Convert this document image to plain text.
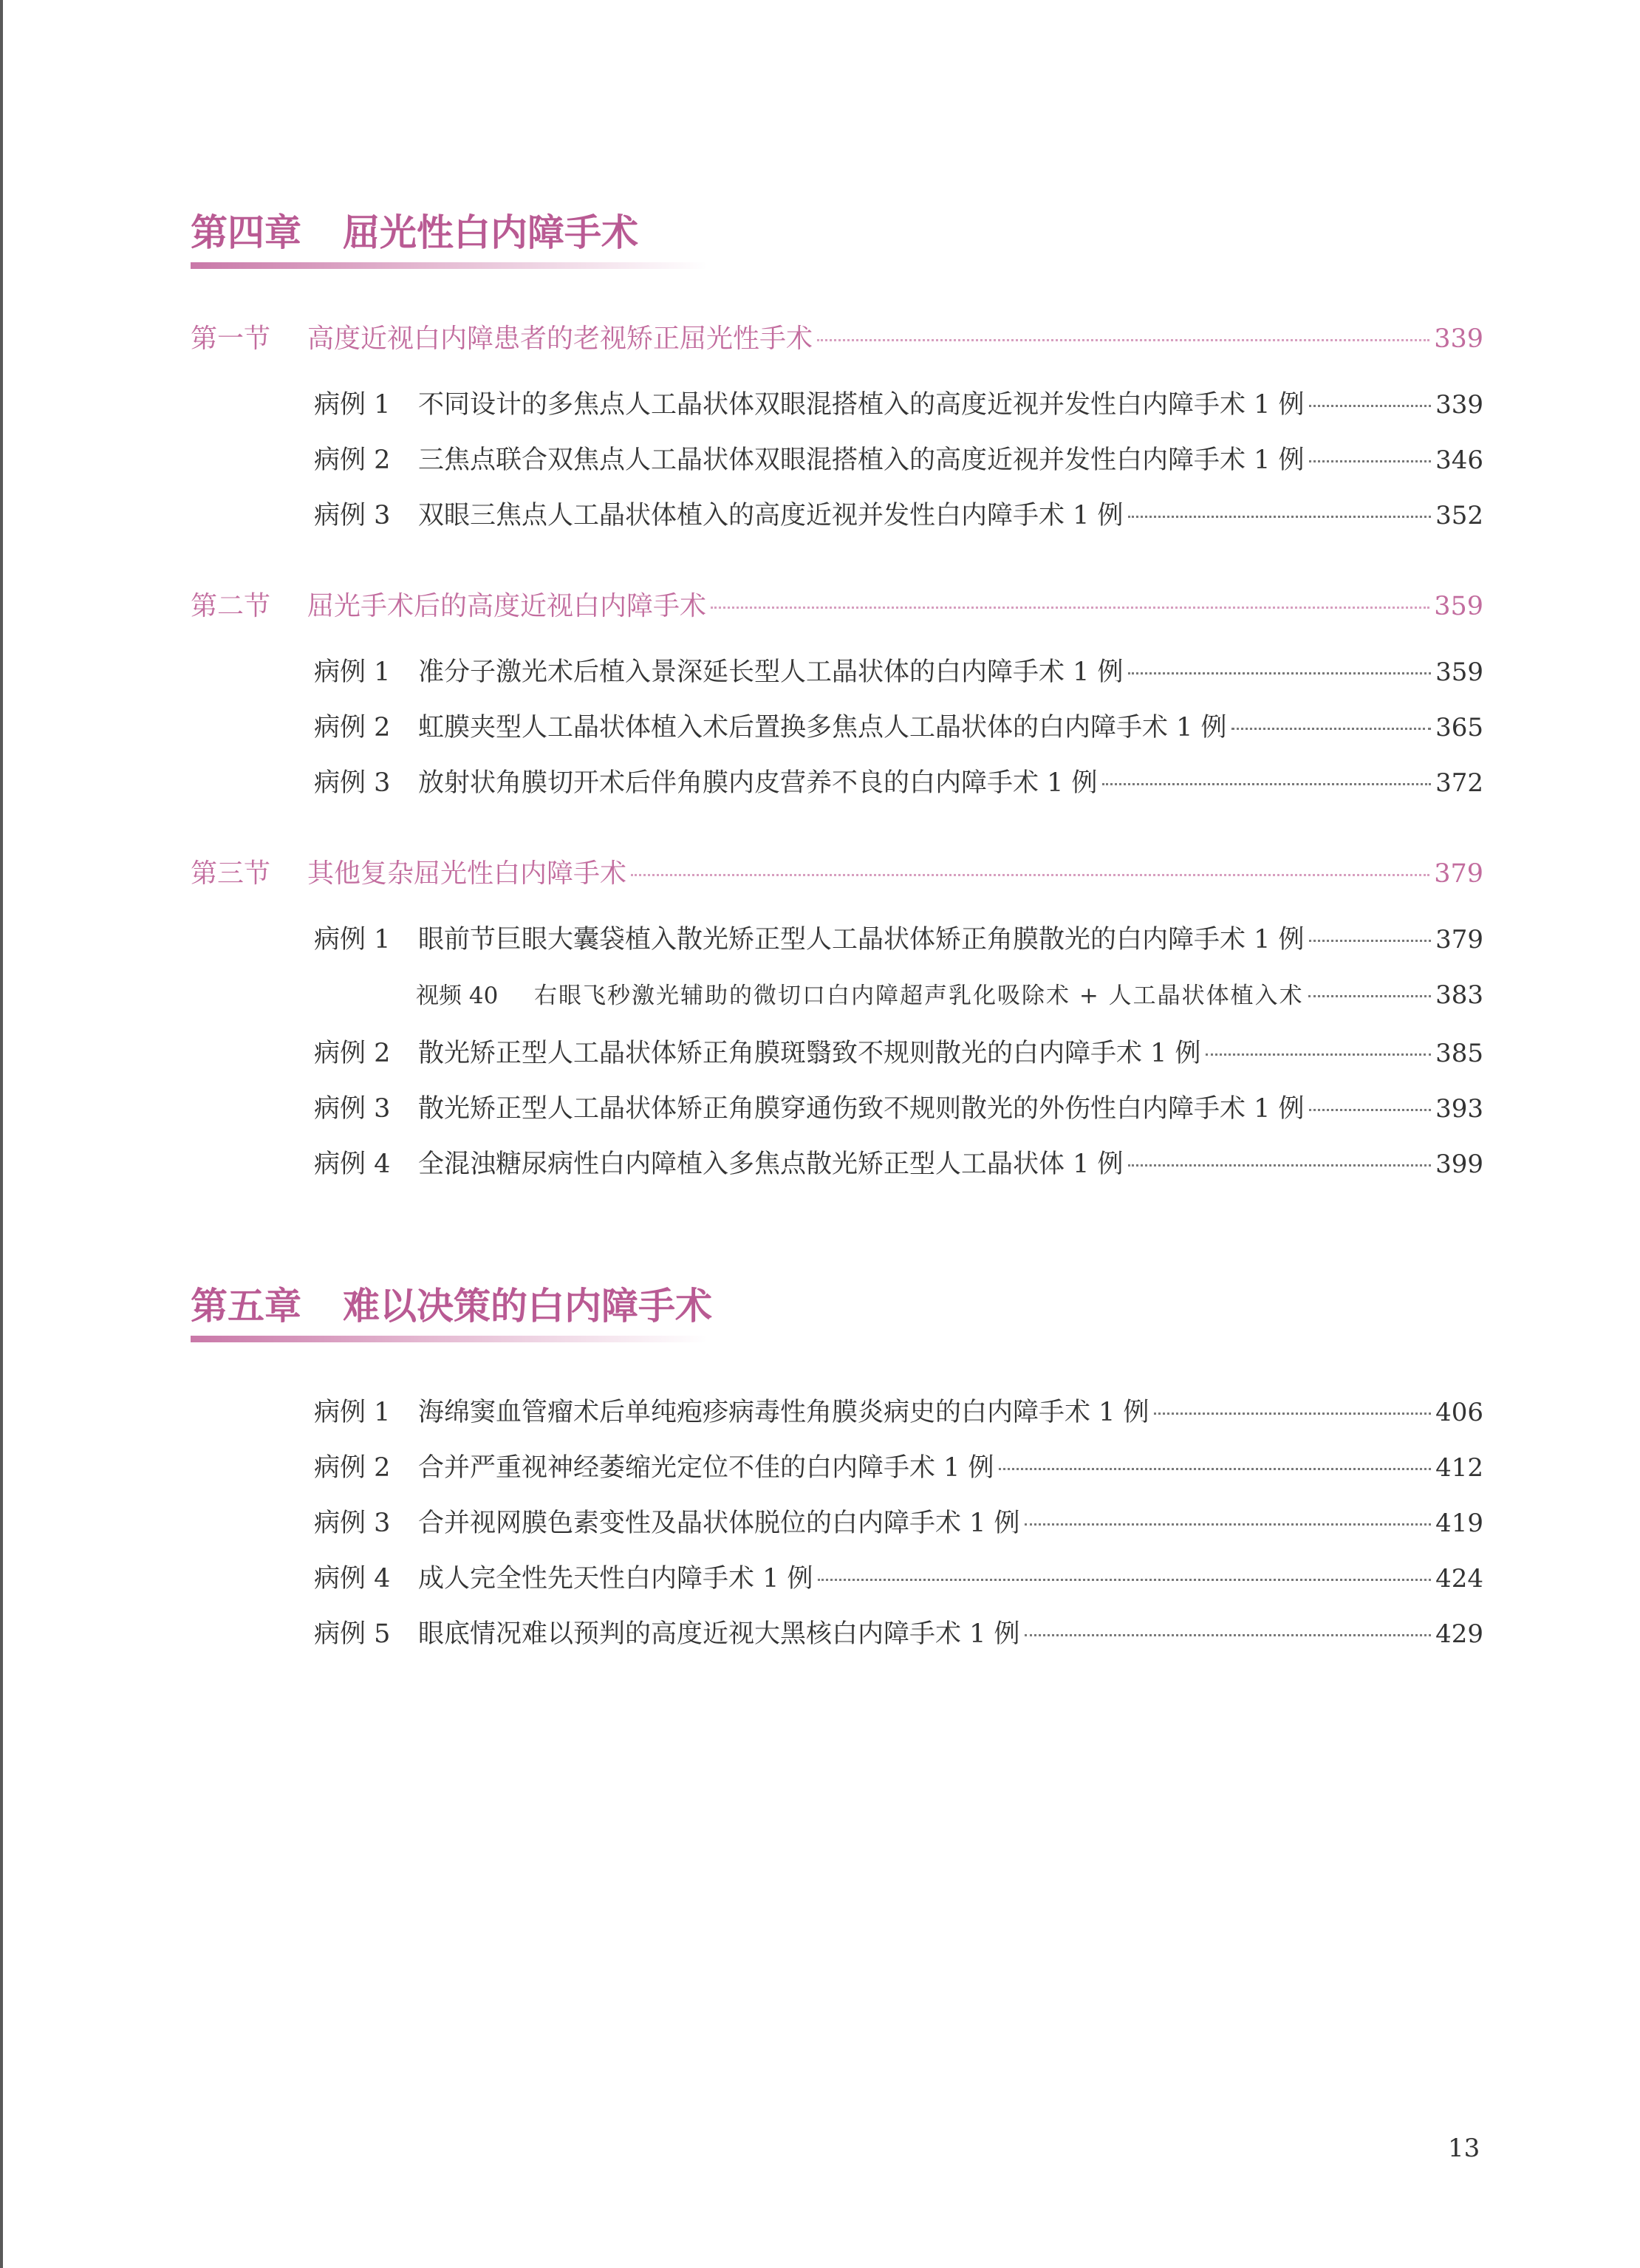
第四章 屈光性白内障手术
第一节	高度近视白内障患者的老视矫正屈光性手术	339
病例 1	不同设计的多焦点人工晶状体双眼混搭植入的高度近视并发性白内障手术 1 例	339
病例 2	三焦点联合双焦点人工晶状体双眼混搭植入的高度近视并发性白内障手术 1 例	346
病例 3	双眼三焦点人工晶状体植入的高度近视并发性白内障手术 1 例	352
第二节	屈光手术后的高度近视白内障手术	359
病例 1	准分子激光术后植入景深延长型人工晶状体的白内障手术 1 例	359
病例 2	虹膜夹型人工晶状体植入术后置换多焦点人工晶状体的白内障手术 1 例	365
病例 3	放射状角膜切开术后伴角膜内皮营养不良的白内障手术 1 例	372
第三节	其他复杂屈光性白内障手术	379
病例 1	眼前节巨眼大囊袋植入散光矫正型人工晶状体矫正角膜散光的白内障手术 1 例	379
视频 40	右眼飞秒激光辅助的微切口白内障超声乳化吸除术 + 人工晶状体植入术	383
病例 2	散光矫正型人工晶状体矫正角膜斑翳致不规则散光的白内障手术 1 例	385
病例 3	散光矫正型人工晶状体矫正角膜穿通伤致不规则散光的外伤性白内障手术 1 例	393
病例 4	全混浊糖尿病性白内障植入多焦点散光矫正型人工晶状体 1 例	399
第五章 难以决策的白内障手术
病例 1	海绵窦血管瘤术后单纯疱疹病毒性角膜炎病史的白内障手术 1 例	406
病例 2	合并严重视神经萎缩光定位不佳的白内障手术 1 例	412
病例 3	合并视网膜色素变性及晶状体脱位的白内障手术 1 例	419
病例 4	成人完全性先天性白内障手术 1 例	424
病例 5	眼底情况难以预判的高度近视大黑核白内障手术 1 例	429
13
